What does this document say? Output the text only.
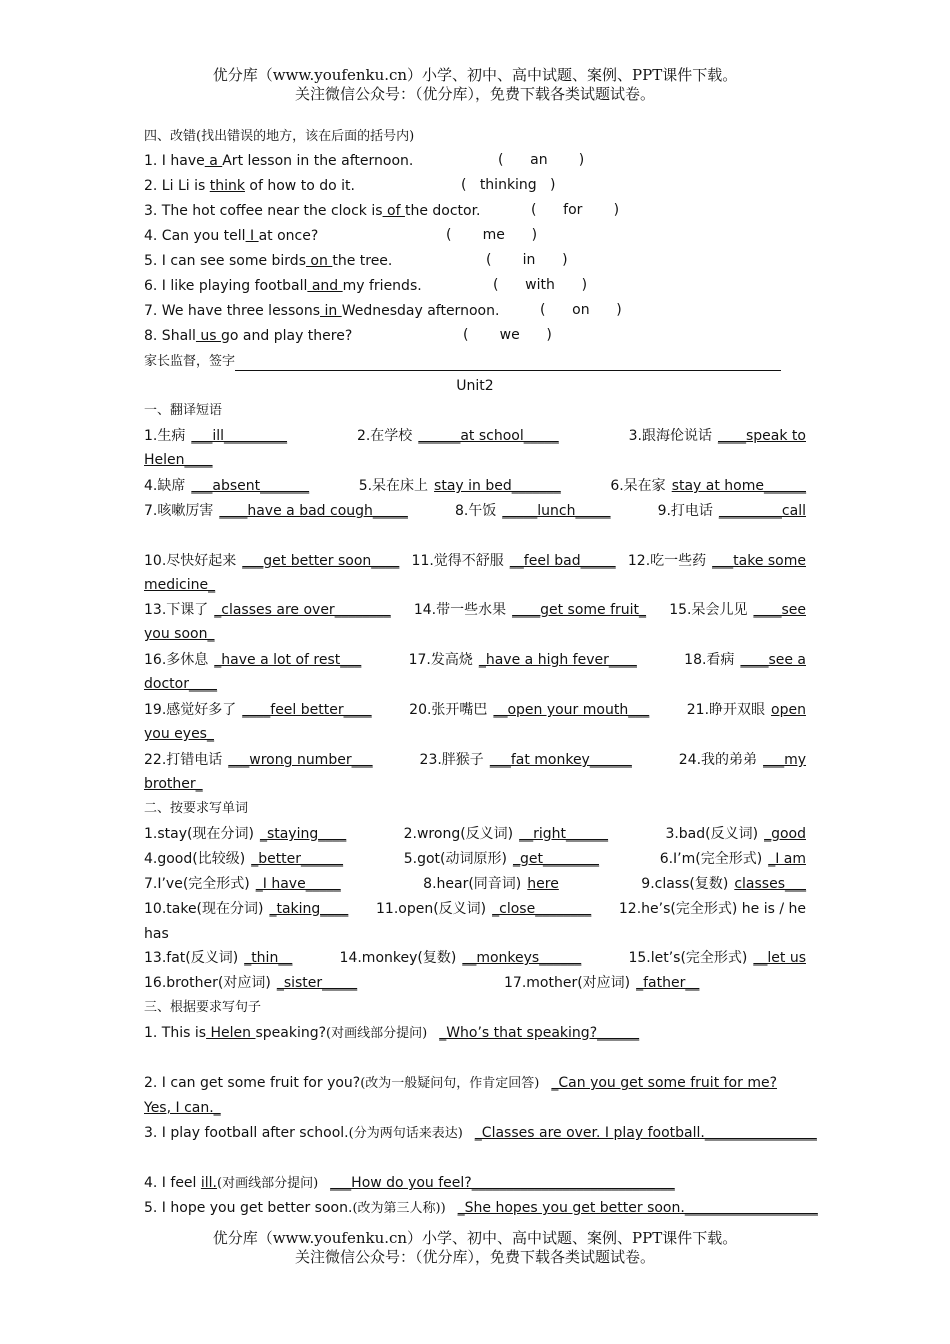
优分库（www.youfenku.cn）小学、初中、高中试题、案例、PPT课件下载。
关注微信公众号：（优分库），免费下载各类试题试卷。
四、改错(找出错误的地方，该在后面的括号内)
1. I have a Art lesson in the afternoon.	(      an       )
2. Li Li is think of how to do it.	(   thinking   )
3. The hot coffee near the clock is of the doctor.	(      for       )
4. Can you tell I at once?	(       me      )
5. I can see some birds on the tree.	(       in      )
6. I like playing football and my friends.	(      with      )
7. We have three lessons in Wednesday afternoon.	(      on      )
8. Shall us go and play there?	(       we      )
家长监督，签字
Unit2
一、翻译短语
1.生病 ___ill_________	2.在学校 ______at school_____	3.跟海伦说话 ____speak to
Helen____
4.缺席 ___absent_______	5.呆在床上 stay in bed_______	6.呆在家 stay at home______
7.咳嗽厉害 ____have a bad cough_____	8.午饭 _____lunch_____	9.打电话 _________call
10.尽快好起来 ___get better soon____ 11.觉得不舒服 __feel bad_____ 12.吃一些药 ___take some
medicine_
13.下课了 _classes are over________ 14.带一些水果 ____get some fruit_ 15.呆会儿见 ____see
you soon_
16.多休息 _have a lot of rest___	17.发高烧 _have a high fever____	18.看病 ____see a
doctor____
19.感觉好多了 ____feel better____	20.张开嘴巴 __open your mouth___	21.睁开双眼 open
you eyes_
22.打错电话 ___wrong number___	23.胖猴子 ___fat monkey______	24.我的弟弟 ___my
brother_
二、按要求写单词
1.stay(现在分词) _staying____	2.wrong(反义词) __right______	3.bad(反义词) _good
4.good(比较级) _better______	5.got(动词原形) _get________	6.I’m(完全形式) _I am
7.I’ve(完全形式) _I have_____	8.hear(同音词) here	9.class(复数) classes___
10.take(现在分词) _taking____ 11.open(反义词) _close________ 12.he’s(完全形式) he is / he
has
13.fat(反义词) _thin__	14.monkey(复数) __monkeys______	15.let’s(完全形式) __let us
16.brother(对应词) _sister_____	17.mother(对应词) _father__
三、根据要求写句子
1. This is Helen speaking?(对画线部分提问) _Who’s that speaking?______
2. I can get some fruit for you?(改为一般疑问句，作肯定回答) _Can you get some fruit for me?
Yes, I can._
3. I play football after school.(分为两句话来表达) _Classes are over. I play football.________________
4. I feel ill.(对画线部分提问) ___How do you feel?_____________________________
5. I hope you get better soon.(改为第三人称)) _She hopes you get better soon.___________________
优分库（www.youfenku.cn）小学、初中、高中试题、案例、PPT课件下载。
关注微信公众号：（优分库），免费下载各类试题试卷。
